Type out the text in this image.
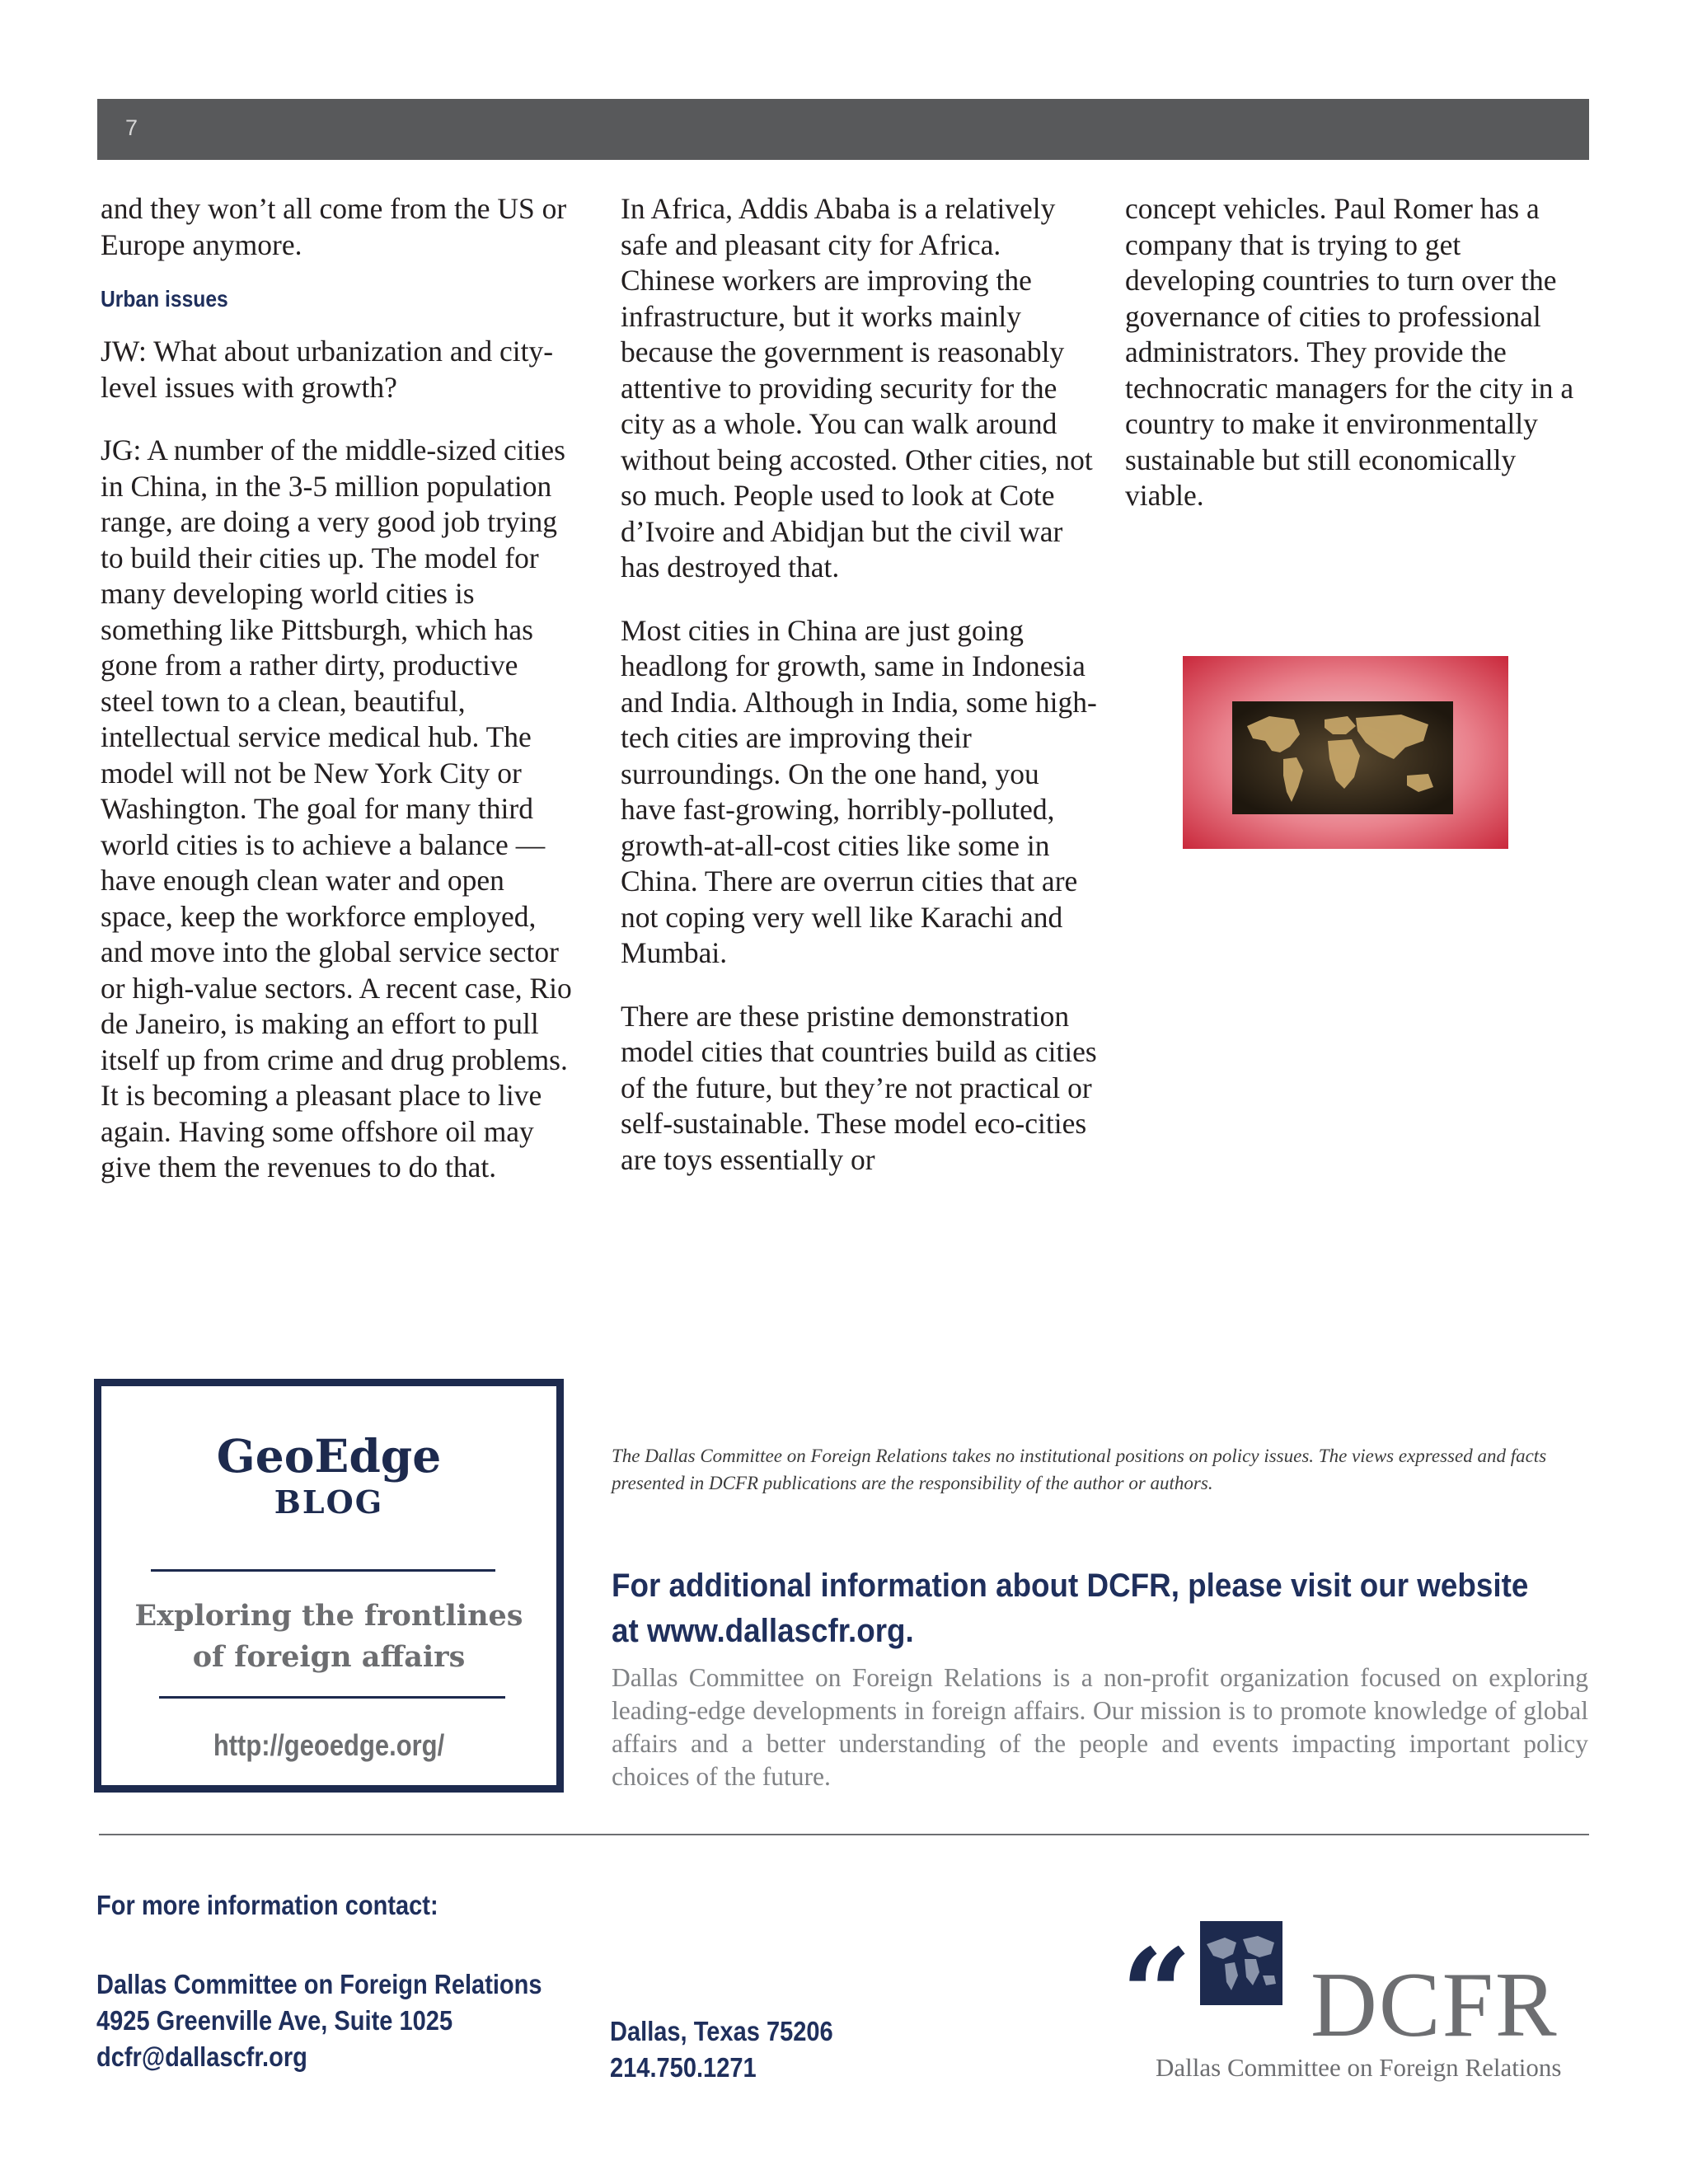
7

and they won’t all come from the US or Europe anymore.

Urban issues

JW: What about urbanization and city-level issues with growth?

JG: A number of the middle-sized cities in China, in the 3-5 million population range, are doing a very good job trying to build their cities up. The model for many developing world cities is something like Pittsburgh, which has gone from a rather dirty, productive steel town to a clean, beautiful, intellectual service medical hub. The model will not be New York City or Washington. The goal for many third world cities is to achieve a balance — have enough clean water and open space, keep the workforce employed, and move into the global service sector or high-value sectors. A recent case, Rio de Janeiro, is making an effort to pull itself up from crime and drug problems. It is becoming a pleasant place to live again. Having some offshore oil may give them the revenues to do that.

In Africa, Addis Ababa is a relatively safe and pleasant city for Africa. Chinese workers are improving the infrastructure, but it works mainly because the government is reasonably attentive to providing security for the city as a whole. You can walk around without being accosted. Other cities, not so much. People used to look at Cote d’Ivoire and Abidjan but the civil war has destroyed that.

Most cities in China are just going headlong for growth, same in Indonesia and India. Although in India, some high-tech cities are improving their surroundings. On the one hand, you have fast-growing, horribly-polluted, growth-at-all-cost cities like some in China. There are overrun cities that are not coping very well like Karachi and Mumbai.

There are these pristine demonstration model cities that countries build as cities of the future, but they’re not practical or self-sustainable. These model eco-cities are toys essentially or

concept vehicles. Paul Romer has a company that is trying to get developing countries to turn over the governance of cities to professional administrators. They provide the technocratic managers for the city in a country to make it environmentally sustainable but still economically viable.

GeoEdge
BLOG
Exploring the frontlines
of foreign affairs
http://geoedge.org/
The Dallas Committee on Foreign Relations takes no institutional positions on policy issues. The views expressed and facts presented in DCFR publications are the responsibility of the author or authors.
For additional information about DCFR, please visit our website at www.dallascfr.org.
Dallas Committee on Foreign Relations is a non-profit organization focused on exploring leading-edge developments in foreign affairs. Our mission is to promote knowledge of global affairs and a better understanding of the people and events impacting important policy choices of the future.
For more information contact:
Dallas Committee on Foreign Relations
4925 Greenville Ave, Suite 1025
dcfr@dallascfr.org
Dallas, Texas 75206
214.750.1271
“ DCFR
Dallas Committee on Foreign Relations
